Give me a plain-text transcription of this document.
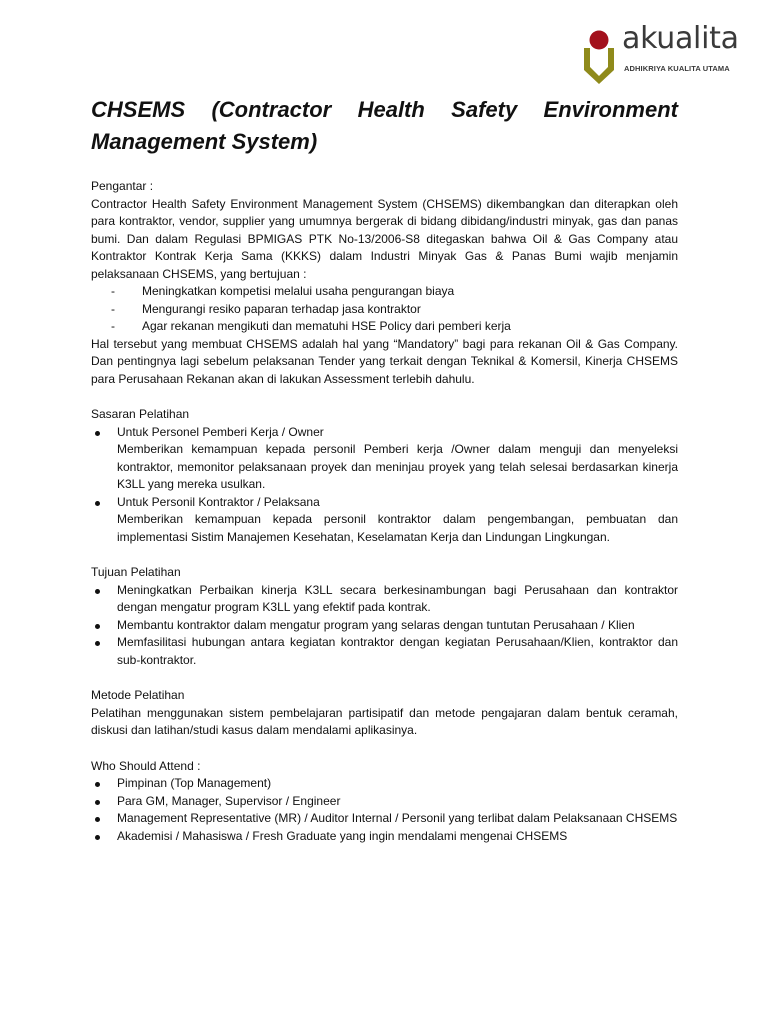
akualita
ADHIKRIYA KUALITA UTAMA
CHSEMS (Contractor Health Safety Environment
Management System)
Pengantar :

Contractor Health Safety Environment Management System (CHSEMS) dikembangkan dan diterapkan oleh para kontraktor, vendor, supplier yang umumnya bergerak di bidang dibidang/industri minyak, gas dan panas bumi. Dan dalam Regulasi BPMIGAS PTK No-13/2006-S8 ditegaskan bahwa Oil & Gas Company atau Kontraktor Kontrak Kerja Sama (KKKS) dalam Industri Minyak Gas & Panas Bumi wajib menjamin pelaksanaan CHSEMS, yang bertujuan :

- Meningkatkan kompetisi melalui usaha pengurangan biaya
- Mengurangi resiko paparan terhadap jasa kontraktor
- Agar rekanan mengikuti dan mematuhi HSE Policy dari pemberi kerja

Hal tersebut yang membuat CHSEMS adalah hal yang “Mandatory” bagi para rekanan Oil & Gas Company. Dan pentingnya lagi sebelum pelaksanan Tender yang terkait dengan Teknikal & Komersil, Kinerja CHSEMS para Perusahaan Rekanan akan di lakukan Assessment terlebih dahulu.

Sasaran Pelatihan
Untuk Personel Pemberi Kerja / Owner
Memberikan kemampuan kepada personil Pemberi kerja /Owner dalam menguji dan menyeleksi kontraktor, memonitor pelaksanaan proyek dan meninjau proyek yang telah selesai berdasarkan kinerja K3LL yang mereka usulkan.
Untuk Personil Kontraktor / Pelaksana
Memberikan kemampuan kepada personil kontraktor dalam pengembangan, pembuatan dan implementasi Sistim Manajemen Kesehatan, Keselamatan Kerja dan Lindungan Lingkungan.
Tujuan Pelatihan
Meningkatkan Perbaikan kinerja K3LL secara berkesinambungan bagi Perusahaan dan kontraktor dengan mengatur program K3LL yang efektif pada kontrak.
Membantu kontraktor dalam mengatur program yang selaras dengan tuntutan Perusahaan / Klien
Memfasilitasi hubungan antara kegiatan kontraktor dengan kegiatan Perusahaan/Klien, kontraktor dan sub-kontraktor.
Metode Pelatihan

Pelatihan menggunakan sistem pembelajaran partisipatif dan metode pengajaran dalam bentuk ceramah, diskusi dan latihan/studi kasus dalam mendalami aplikasinya.

Who Should Attend :
Pimpinan (Top Management)
Para GM, Manager, Supervisor / Engineer
Management Representative (MR) / Auditor Internal / Personil yang terlibat dalam Pelaksanaan CHSEMS
Akademisi / Mahasiswa / Fresh Graduate yang ingin mendalami mengenai CHSEMS
